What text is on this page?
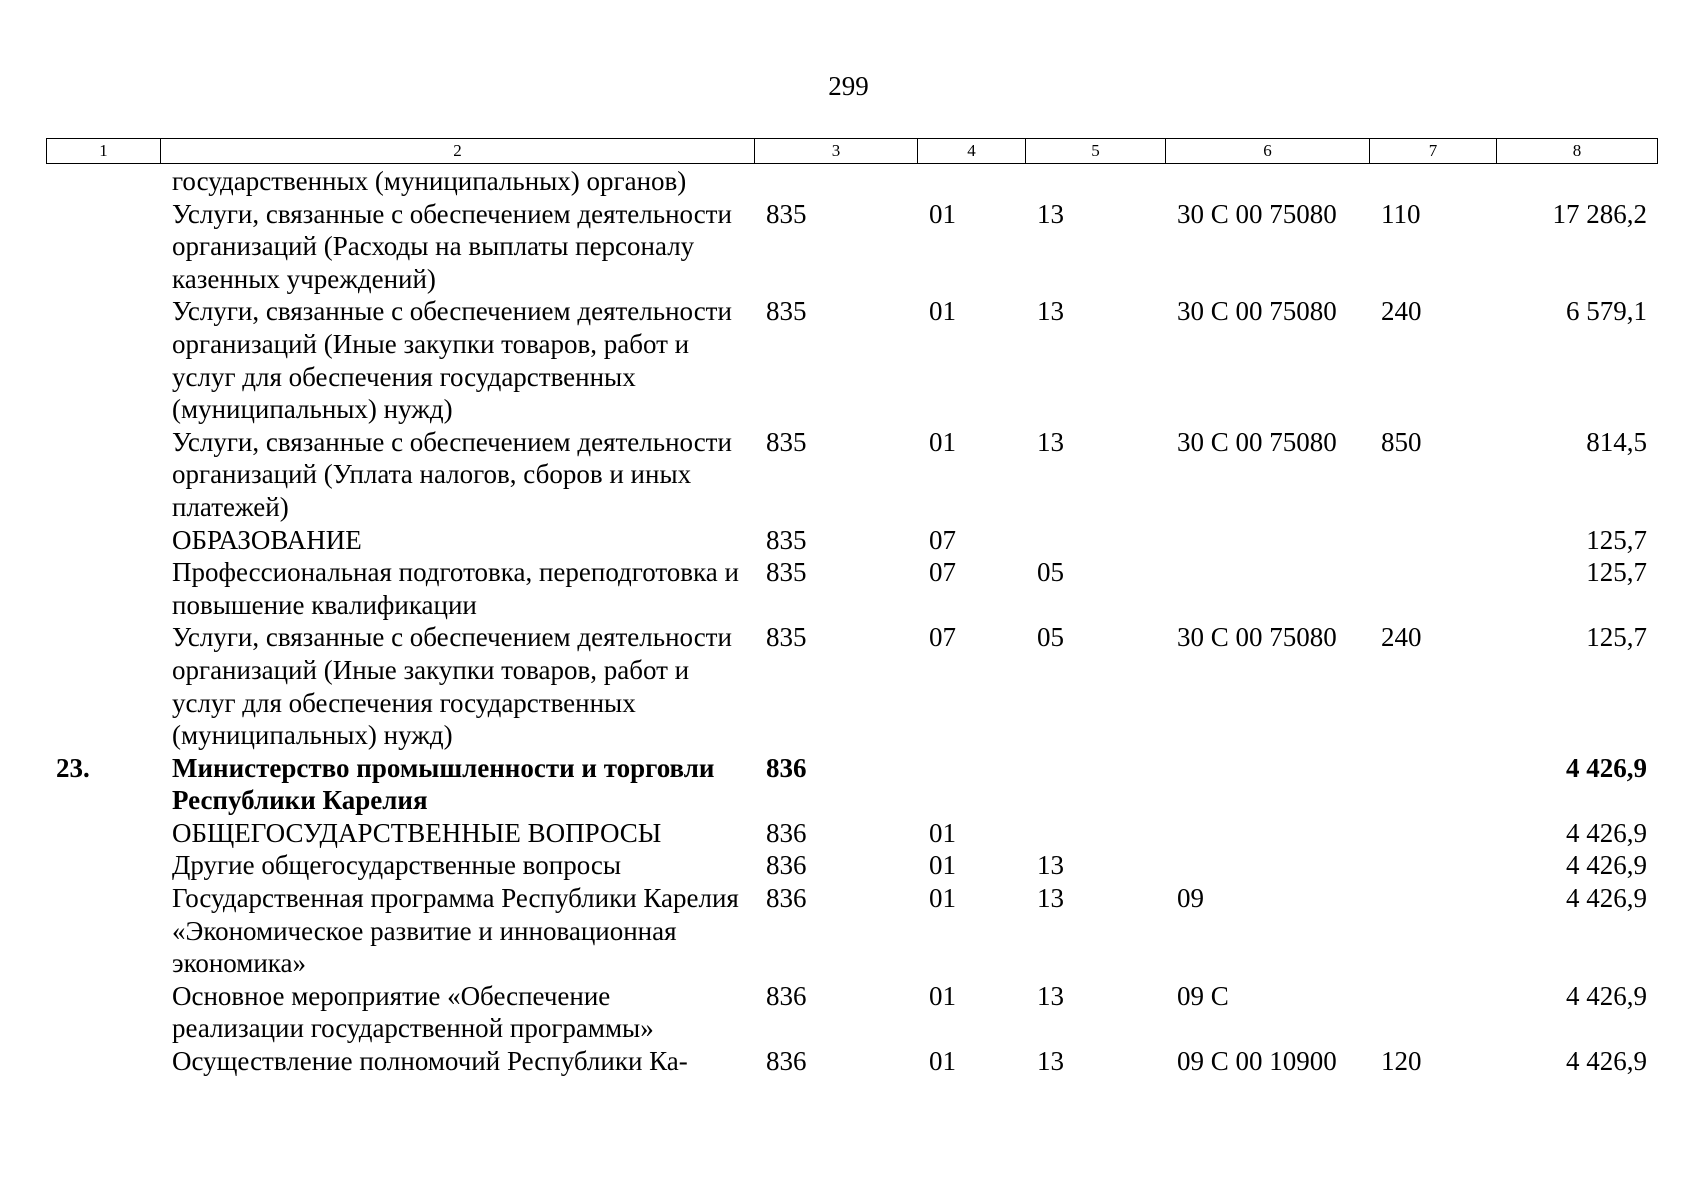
299
1	2	3	4	5	6	7	8
	государственных (муниципальных) органов)						
	Услуги, связанные с обеспечением деятельности организаций (Расходы на выплаты персоналу казенных учреждений)	835	01	13	30 С 00 75080	110	17 286,2
	Услуги, связанные с обеспечением деятельности организаций (Иные закупки товаров, работ и услуг для обеспечения государственных (муниципальных) нужд)	835	01	13	30 С 00 75080	240	6 579,1
	Услуги, связанные с обеспечением деятельности организаций (Уплата налогов, сборов и иных платежей)	835	01	13	30 С 00 75080	850	814,5
	ОБРАЗОВАНИЕ	835	07				125,7
	Профессиональная подготовка, переподготовка и повышение квалификации	835	07	05			125,7
	Услуги, связанные с обеспечением деятельности организаций (Иные закупки товаров, работ и услуг для обеспечения государственных (муниципальных) нужд)	835	07	05	30 С 00 75080	240	125,7
23.	Министерство промышленности и торговли Республики Карелия	836					4 426,9
	ОБЩЕГОСУДАРСТВЕННЫЕ ВОПРОСЫ	836	01				4 426,9
	Другие общегосударственные вопросы	836	01	13			4 426,9
	Государственная программа Республики Карелия «Экономическое развитие и инновационная экономика»	836	01	13	09		4 426,9
	Основное мероприятие «Обеспечение реализации государственной программы»	836	01	13	09 С		4 426,9
	Осуществление полномочий Республики Ка-	836	01	13	09 С 00 10900	120	4 426,9
